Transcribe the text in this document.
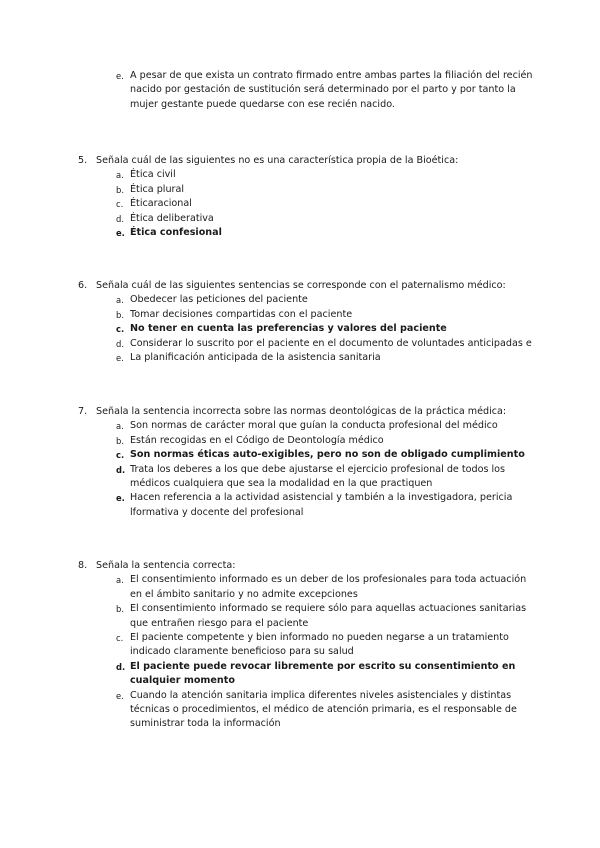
e. A pesar de que exista un contrato firmado entre ambas partes la filiación del recién
nacido por gestación de sustitución será determinado por el parto y por tanto la
mujer gestante puede quedarse con ese recién nacido.
5. Señala cuál de las siguientes no es una característica propia de la Bioética:
a. Ética civil
b. Ética plural
c. Éticaracional
d. Ética deliberativa
e. Ética confesional
6. Señala cuál de las siguientes sentencias se corresponde con el paternalismo médico:
a. Obedecer las peticiones del paciente
b. Tomar decisiones compartidas con el paciente
c. No tener en cuenta las preferencias y valores del paciente
d. Considerar lo suscrito por el paciente en el documento de voluntades anticipadas e
e. La planificación anticipada de la asistencia sanitaria
7. Señala la sentencia incorrecta sobre las normas deontológicas de la práctica médica:
a. Son normas de carácter moral que guían la conducta profesional del médico
b. Están recogidas en el Código de Deontología médico
c. Son normas éticas auto-exigibles, pero no son de obligado cumplimiento
d. Trata los deberes a los que debe ajustarse el ejercicio profesional de todos los
médicos cualquiera que sea la modalidad en la que practiquen
e. Hacen referencia a la actividad asistencial y también a la investigadora, pericia
lformativa y docente del profesional
8. Señala la sentencia correcta:
a. El consentimiento informado es un deber de los profesionales para toda actuación
en el ámbito sanitario y no admite excepciones
b. El consentimiento informado se requiere sólo para aquellas actuaciones sanitarias
que entrañen riesgo para el paciente
c. El paciente competente y bien informado no pueden negarse a un tratamiento
indicado claramente beneficioso para su salud
d. El paciente puede revocar libremente por escrito su consentimiento en
cualquier momento
e. Cuando la atención sanitaria implica diferentes niveles asistenciales y distintas
técnicas o procedimientos, el médico de atención primaria, es el responsable de
suministrar toda la información
